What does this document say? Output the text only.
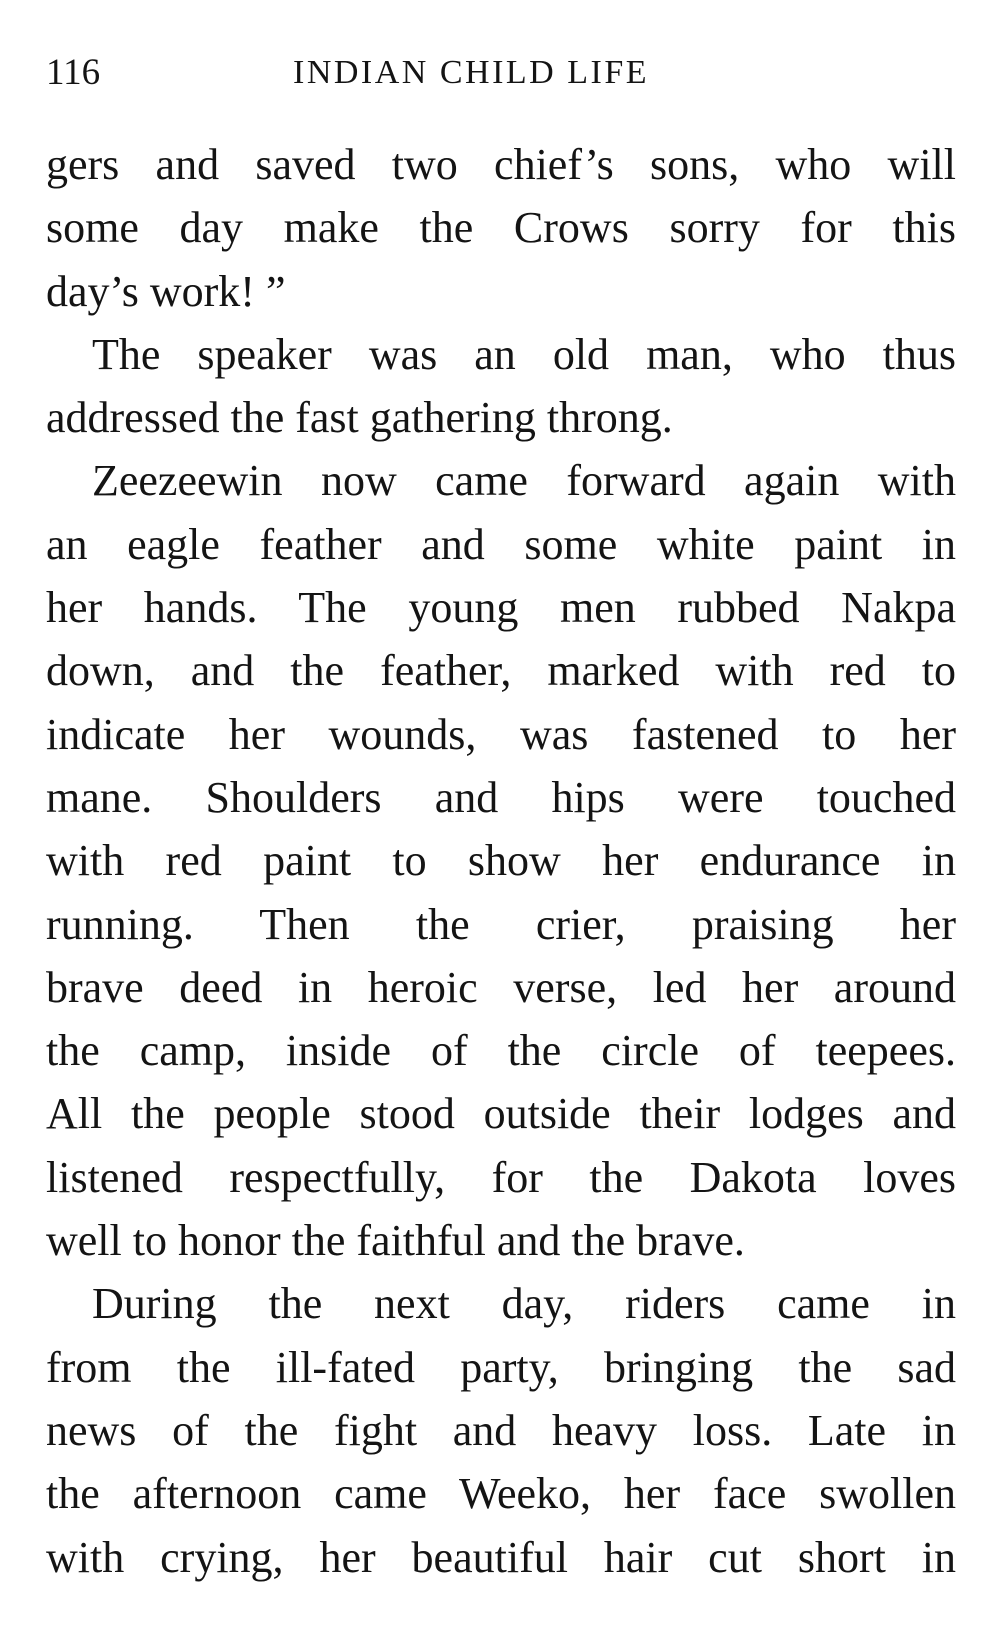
116	INDIAN CHILD LIFE
gers and saved two chief’s sons, who will
some day make the Crows sorry for this
day’s work! ”
The speaker was an old man, who thus
addressed the fast gathering throng.
Zeezeewin now came forward again with
an eagle feather and some white paint in
her hands. The young men rubbed Nakpa
down, and the feather, marked with red to
indicate her wounds, was fastened to her
mane. Shoulders and hips were touched
with red paint to show her endurance in
running. Then the crier, praising her
brave deed in heroic verse, led her around
the camp, inside of the circle of teepees.
All the people stood outside their lodges and
listened respectfully, for the Dakota loves
well to honor the faithful and the brave.
During the next day, riders came in
from the ill-fated party, bringing the sad
news of the fight and heavy loss. Late in
the afternoon came Weeko, her face swollen
with crying, her beautiful hair cut short in
